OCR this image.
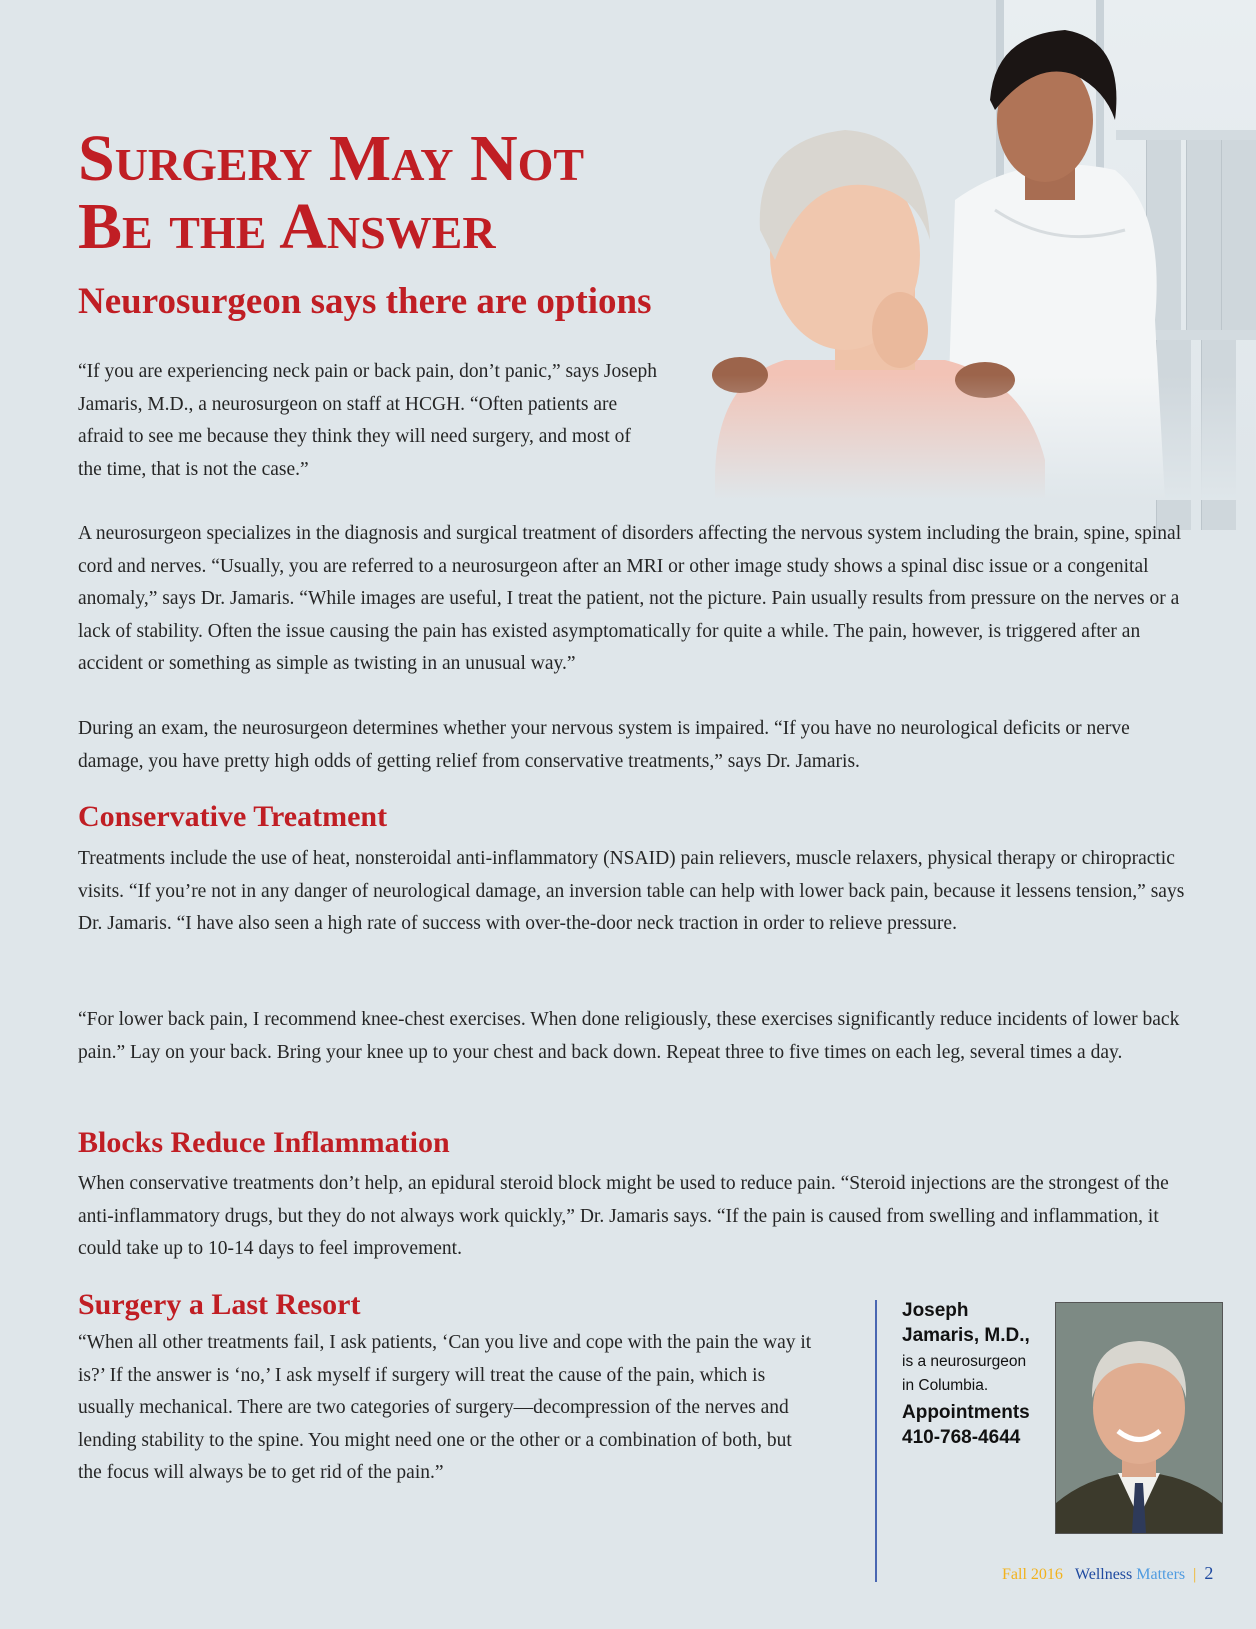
Surgery May Not
Be the Answer
Neurosurgeon says there are options

“If you are experiencing neck pain or back pain, don’t panic,” says Joseph Jamaris, M.D., a neurosurgeon on staff at HCGH. “Often patients are afraid to see me because they think they will need surgery, and most of the time, that is not the case.”

A neurosurgeon specializes in the diagnosis and surgical treatment of disorders affecting the nervous system including the brain, spine, spinal cord and nerves. “Usually, you are referred to a neurosurgeon after an MRI or other image study shows a spinal disc issue or a congenital anomaly,” says Dr. Jamaris. “While images are useful, I treat the patient, not the picture. Pain usually results from pressure on the nerves or a lack of stability. Often the issue causing the pain has existed asymptomatically for quite a while. The pain, however, is triggered after an accident or something as simple as twisting in an unusual way.”

During an exam, the neurosurgeon determines whether your nervous system is impaired. “If you have no neurological deficits or nerve damage, you have pretty high odds of getting relief from conservative treatments,” says Dr. Jamaris.

Conservative Treatment

Treatments include the use of heat, nonsteroidal anti-inflammatory (NSAID) pain relievers, muscle relaxers, physical therapy or chiropractic visits. “If you’re not in any danger of neurological damage, an inversion table can help with lower back pain, because it lessens tension,” says Dr. Jamaris. “I have also seen a high rate of success with over-the-door neck traction in order to relieve pressure.

“For lower back pain, I recommend knee-chest exercises. When done religiously, these exercises significantly reduce incidents of lower back pain.” Lay on your back. Bring your knee up to your chest and back down. Repeat three to five times on each leg, several times a day.

Blocks Reduce Inflammation

When conservative treatments don’t help, an epidural steroid block might be used to reduce pain. “Steroid injections are the strongest of the anti-inflammatory drugs, but they do not always work quickly,” Dr. Jamaris says. “If the pain is caused from swelling and inflammation, it could take up to 10-14 days to feel improvement.

Surgery a Last Resort

“When all other treatments fail, I ask patients, ‘Can you live and cope with the pain the way it is?’ If the answer is ‘no,’ I ask myself if surgery will treat the cause of the pain, which is usually mechanical. There are two categories of surgery—decompression of the nerves and lending stability to the spine. You might need one or the other or a combination of both, but the focus will always be to get rid of the pain.”

Joseph
Jamaris, M.D.,
is a neurosurgeon
in Columbia.
Appointments
410-768-4644
Fall 2016 Wellness Matters | 2
